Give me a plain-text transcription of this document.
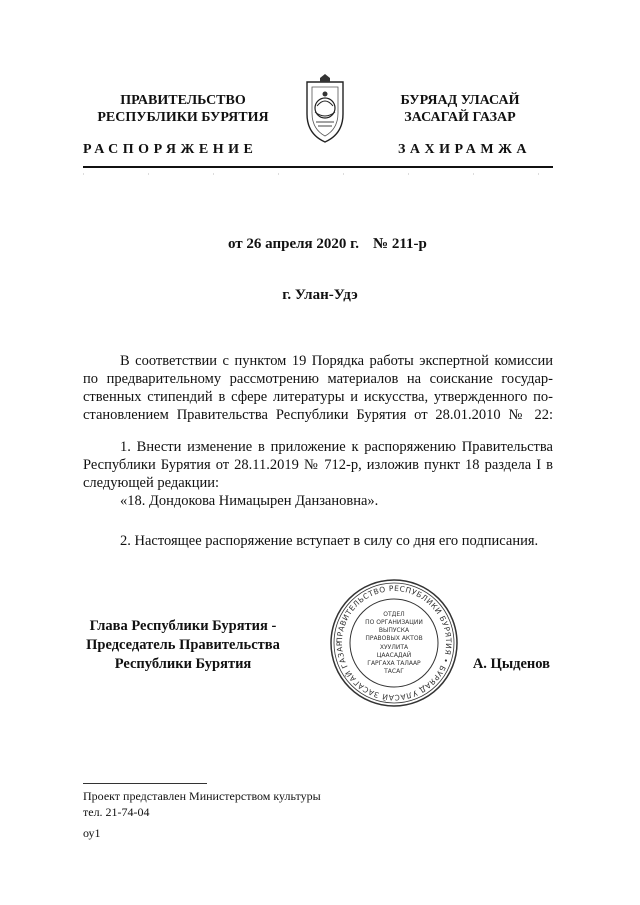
ПРАВИТЕЛЬСТВО
РЕСПУБЛИКИ БУРЯТИЯ
РАСПОРЯЖЕНИЕ
БУРЯАД УЛАСАЙ
ЗАСАГАЙ ГАЗАР
ЗАХИРАМЖА
от 26 апреля 2020 г. № 211-р
г. Улан-Удэ
В соответствии с пунктом 19 Порядка работы экспертной комиссии
по предварительному рассмотрению материалов на соискание государ-
ственных стипендий в сфере литературы и искусства, утвержденного по-
становлением Правительства Республики Бурятия от 28.01.2010 № 22:
1. Внести изменение в приложение к распоряжению Правительства
Республики Бурятия от 28.11.2019 № 712-р, изложив пункт 18 раздела I в
следующей редакции:
«18. Дондокова Нимацырен Данзановна».
2. Настоящее распоряжение вступает в силу со дня его подписания.
Глава Республики Бурятия -
Председатель Правительства
Республики Бурятия
ПРАВИТЕЛЬСТВО РЕСПУБЛИКИ БУРЯТИЯ • БУРЯАД УЛАСАЙ ЗАСАГАЙ ГАЗАР
ОТДЕЛ
ПО ОРГАНИЗАЦИИ
ВЫПУСКА
ПРАВОВЫХ АКТОВ
ХУУЛИТА
ЦААСАДАЙ
ГАРГАХА ТАЛААР
ТАСАГ	А. Цыденов
Проект представлен Министерством культуры
тел. 21-74-04
оу1
